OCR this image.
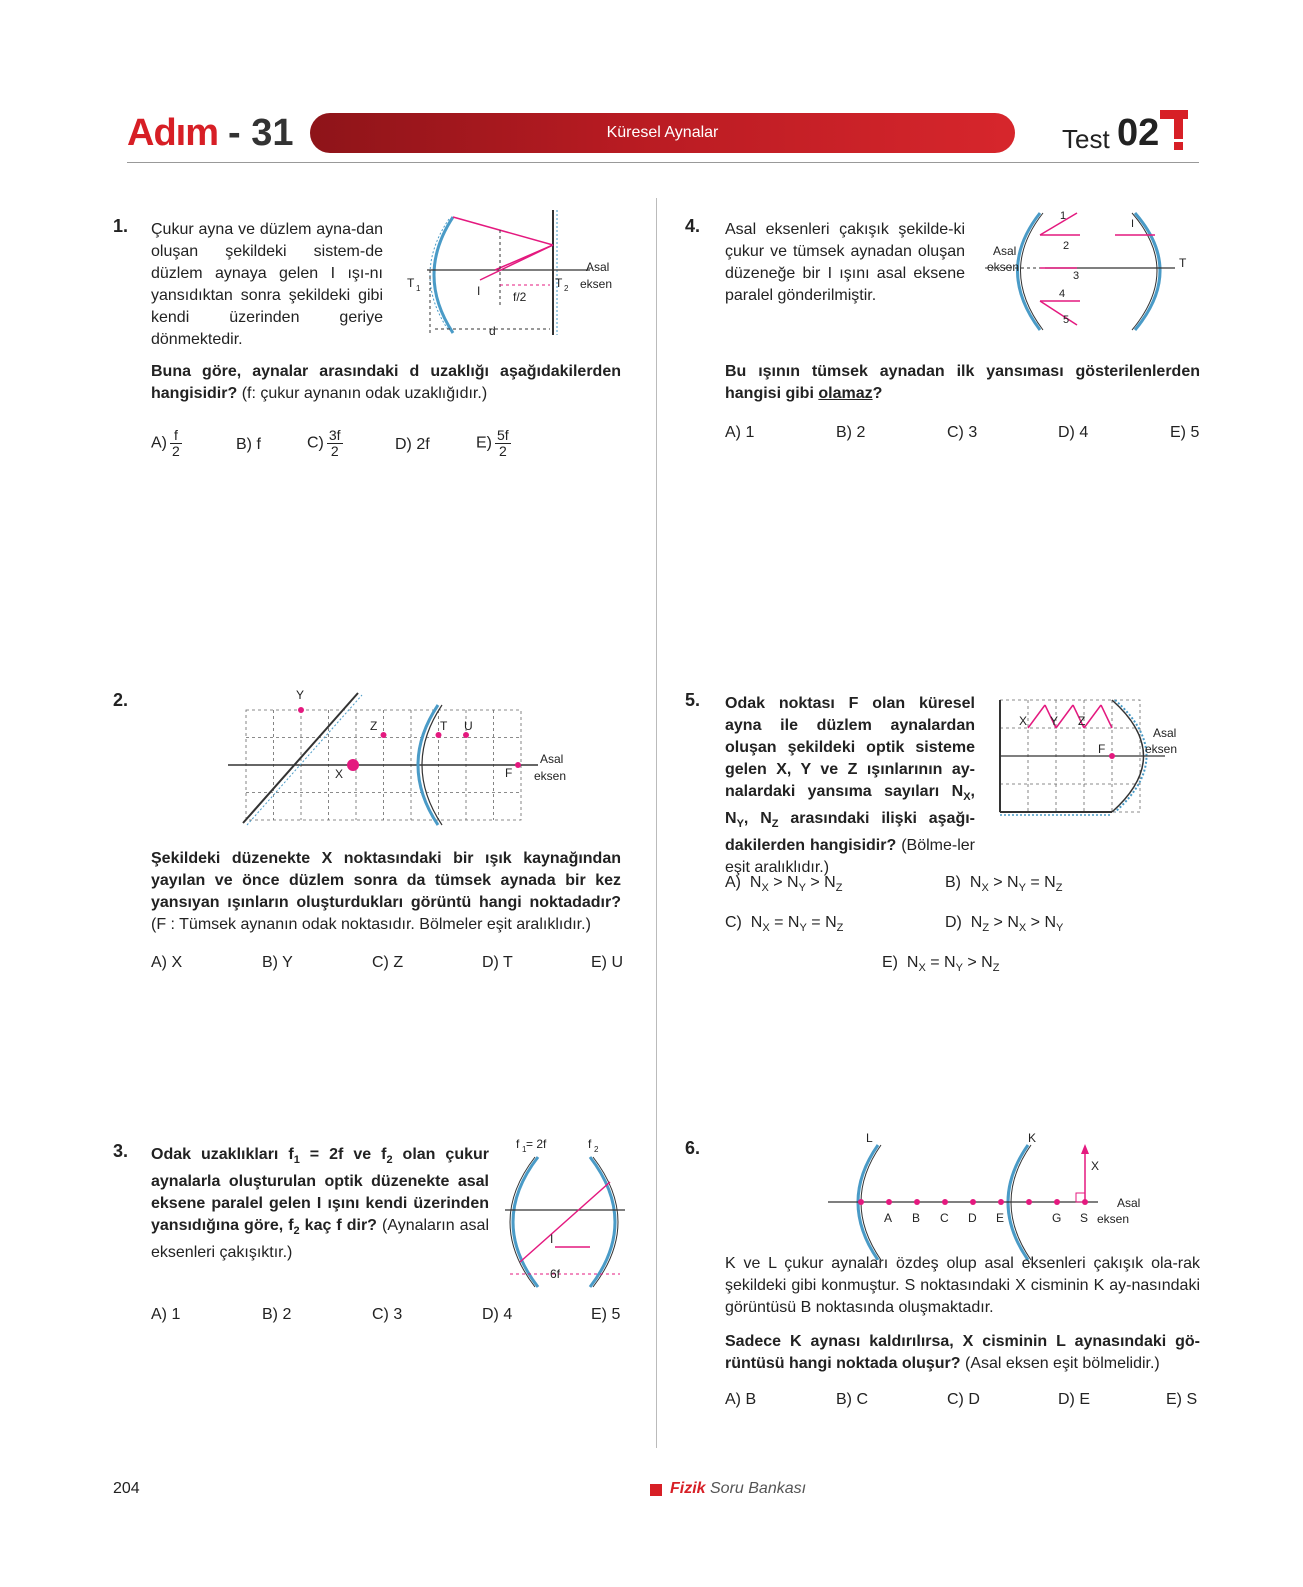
Adım - 31	Küresel Aynalar	Test 02
1. Çukur ayna ve düzlem ayna-dan oluşan şekildeki sistem-de düzlem aynaya gelen I ışı-nı yansıdıktan sonra şekildeki gibi kendi üzerinden geriye dönmektedir.
T 1	I	f/2
d
T 2
Asal
eksen
Buna göre, aynalar arasındaki d uzaklığı aşağıdakilerden hangisidir? (f: çukur aynanın odak uzaklığıdır.)
$A) \frac{f}{2}$	B) f	$C) \frac{3f}{2}$	D) 2f	$E) \frac{5f}{2}$
2.	Y
Z	T U
X	F
Asal
eksen
Şekildeki düzenekte X noktasındaki bir ışık kaynağından yayılan ve önce düzlem sonra da tümsek aynada bir kez yansıyan ışınların oluşturdukları görüntü hangi noktadadır? (F : Tümsek aynanın odak noktasıdır. Bölmeler eşit aralıklıdır.)
A) X	B) Y	C) Z	D) T	E) U
3. Odak uzaklıkları $f_1 = 2f$ ve $f_2$ olan çukur aynalarla oluşturulan optik düzenekte asal eksene paralel gelen I ışını kendi üzerinden yansıdığına göre, $f_2$ kaç f dir? (Aynaların asal eksenleri çakışıktır.)
f 1 = 2f	f 2
I
6f
A) 1	B) 2	C) 3	D) 4	E) 5
4. Asal eksenleri çakışık şekilde-ki çukur ve tümsek aynadan oluşan düzeneğe bir I ışını asal eksene paralel gönderilmiştir.
1
2
3
4
5
I
T
Asal
eksen
Bu ışının tümsek aynadan ilk yansıması gösterilenlerden hangisi gibi olamaz?
A) 1	B) 2	C) 3	D) 4	E) 5
5. Odak noktası F olan küresel ayna ile düzlem aynalardan oluşan şekildeki optik sisteme gelen X, Y ve Z ışınlarının ay-nalardaki yansıma sayıları $N_X$, $N_Y$, $N_Z$ arasındaki ilişki aşağı-dakilerden hangisidir? (Bölme-ler eşit aralıklıdır.)
X Y Z
F
Asal
eksen
A) $N_X > N_Y > N_Z$	B) $N_X > N_Y = N_Z$
C) $N_X = N_Y = N_Z$	D) $N_Z > N_X > N_Y$
E) $N_X = N_Y > N_Z$
6.	L	K
X
A B C D E	G S
Asal
eksen
K ve L çukur aynaları özdeş olup asal eksenleri çakışık ola-rak şekildeki gibi konmuştur. S noktasındaki X cisminin K ay-nasındaki görüntüsü B noktasında oluşmaktadır.
Sadece K aynası kaldırılırsa, X cisminin L aynasındaki gö-rüntüsü hangi noktada oluşur? (Asal eksen eşit bölmelidir.)
A) B	B) C	C) D	D) E	E) S
204	Fizik Soru Bankası
